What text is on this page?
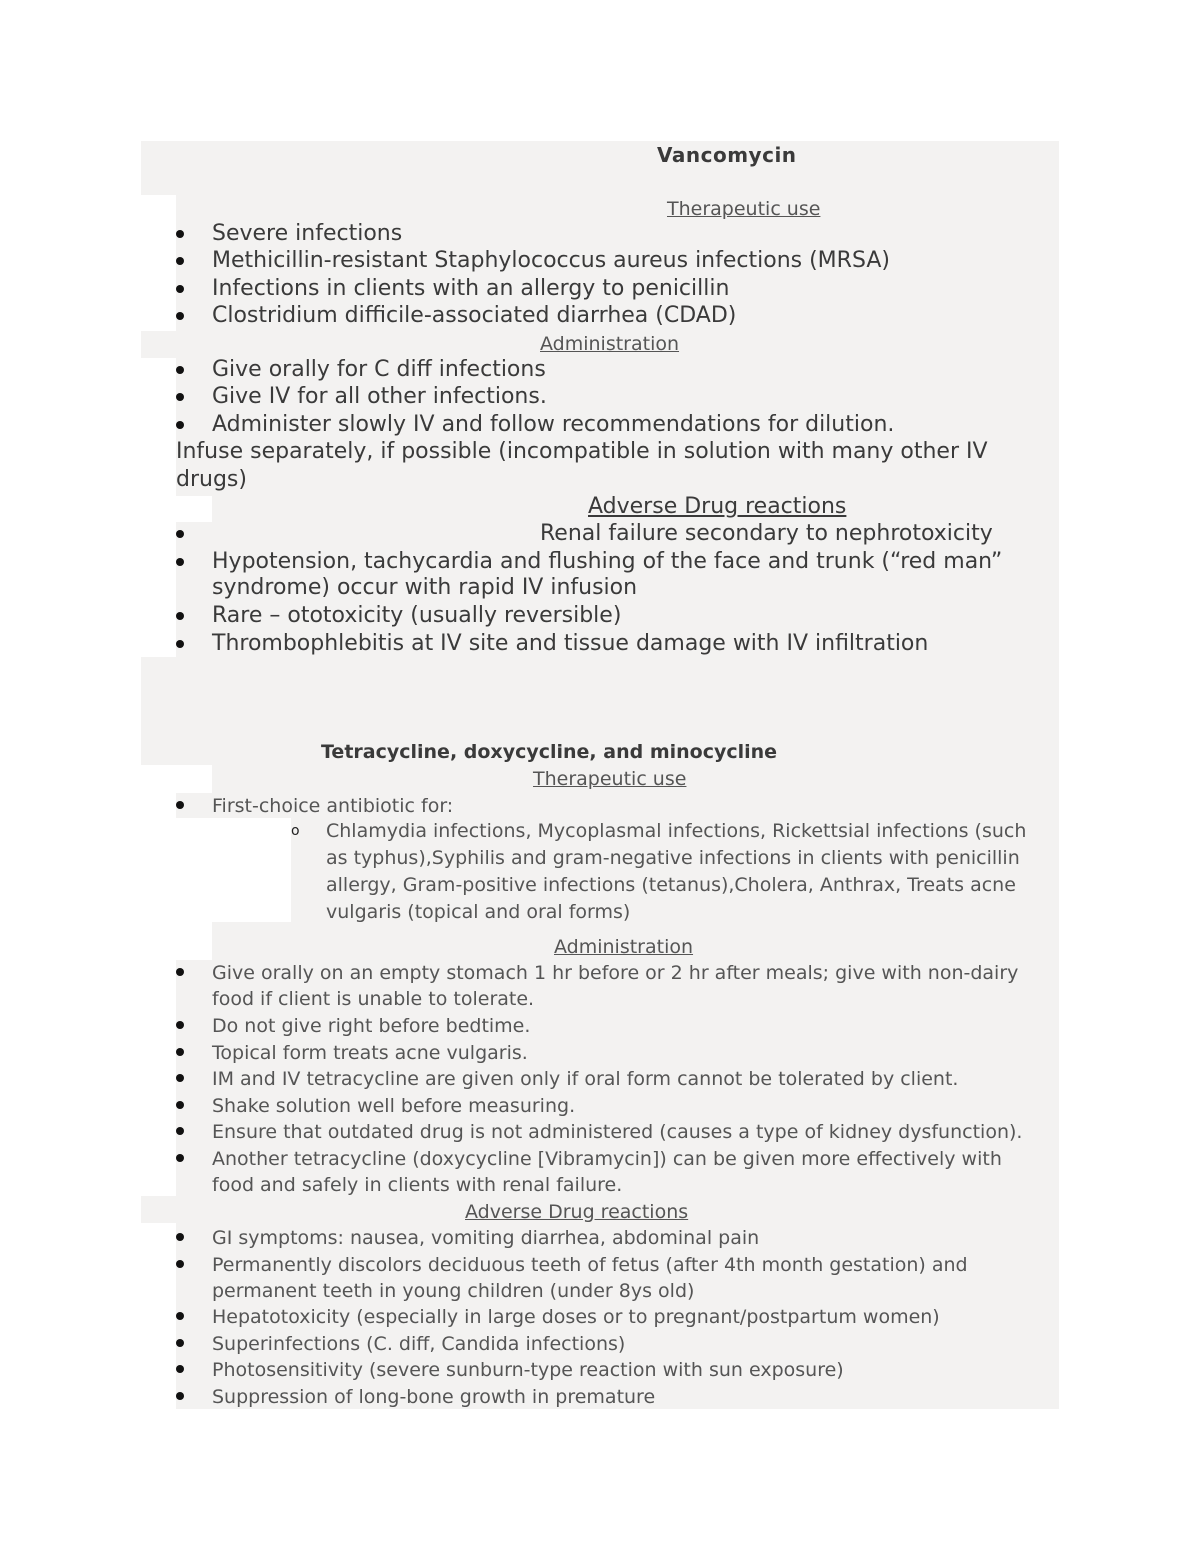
Vancomycin
Therapeutic use
Severe infections
Methicillin-resistant Staphylococcus aureus infections (MRSA)
Infections in clients with an allergy to penicillin
Clostridium difficile-associated diarrhea (CDAD)
Administration
Give orally for C diff infections
Give IV for all other infections.
Administer slowly IV and follow recommendations for dilution.
Infuse separately, if possible (incompatible in solution with many other IV
drugs)
Adverse Drug reactions
Renal failure secondary to nephrotoxicity
Hypotension, tachycardia and flushing of the face and trunk (“red man”
syndrome) occur with rapid IV infusion
Rare – ototoxicity (usually reversible)
Thrombophlebitis at IV site and tissue damage with IV infiltration
Tetracycline, doxycycline, and minocycline
Therapeutic use
First-choice antibiotic for:
o Chlamydia infections, Mycoplasmal infections, Rickettsial infections (such
as typhus),Syphilis and gram-negative infections in clients with penicillin
allergy, Gram-positive infections (tetanus),Cholera, Anthrax, Treats acne
vulgaris (topical and oral forms)
Administration
Give orally on an empty stomach 1 hr before or 2 hr after meals; give with non-dairy
food if client is unable to tolerate.
Do not give right before bedtime.
Topical form treats acne vulgaris.
IM and IV tetracycline are given only if oral form cannot be tolerated by client.
Shake solution well before measuring.
Ensure that outdated drug is not administered (causes a type of kidney dysfunction).
Another tetracycline (doxycycline [Vibramycin]) can be given more effectively with
food and safely in clients with renal failure.
Adverse Drug reactions
GI symptoms: nausea, vomiting diarrhea, abdominal pain
Permanently discolors deciduous teeth of fetus (after 4th month gestation) and
permanent teeth in young children (under 8ys old)
Hepatotoxicity (especially in large doses or to pregnant/postpartum women)
Superinfections (C. diff, Candida infections)
Photosensitivity (severe sunburn-type reaction with sun exposure)
Suppression of long-bone growth in premature
